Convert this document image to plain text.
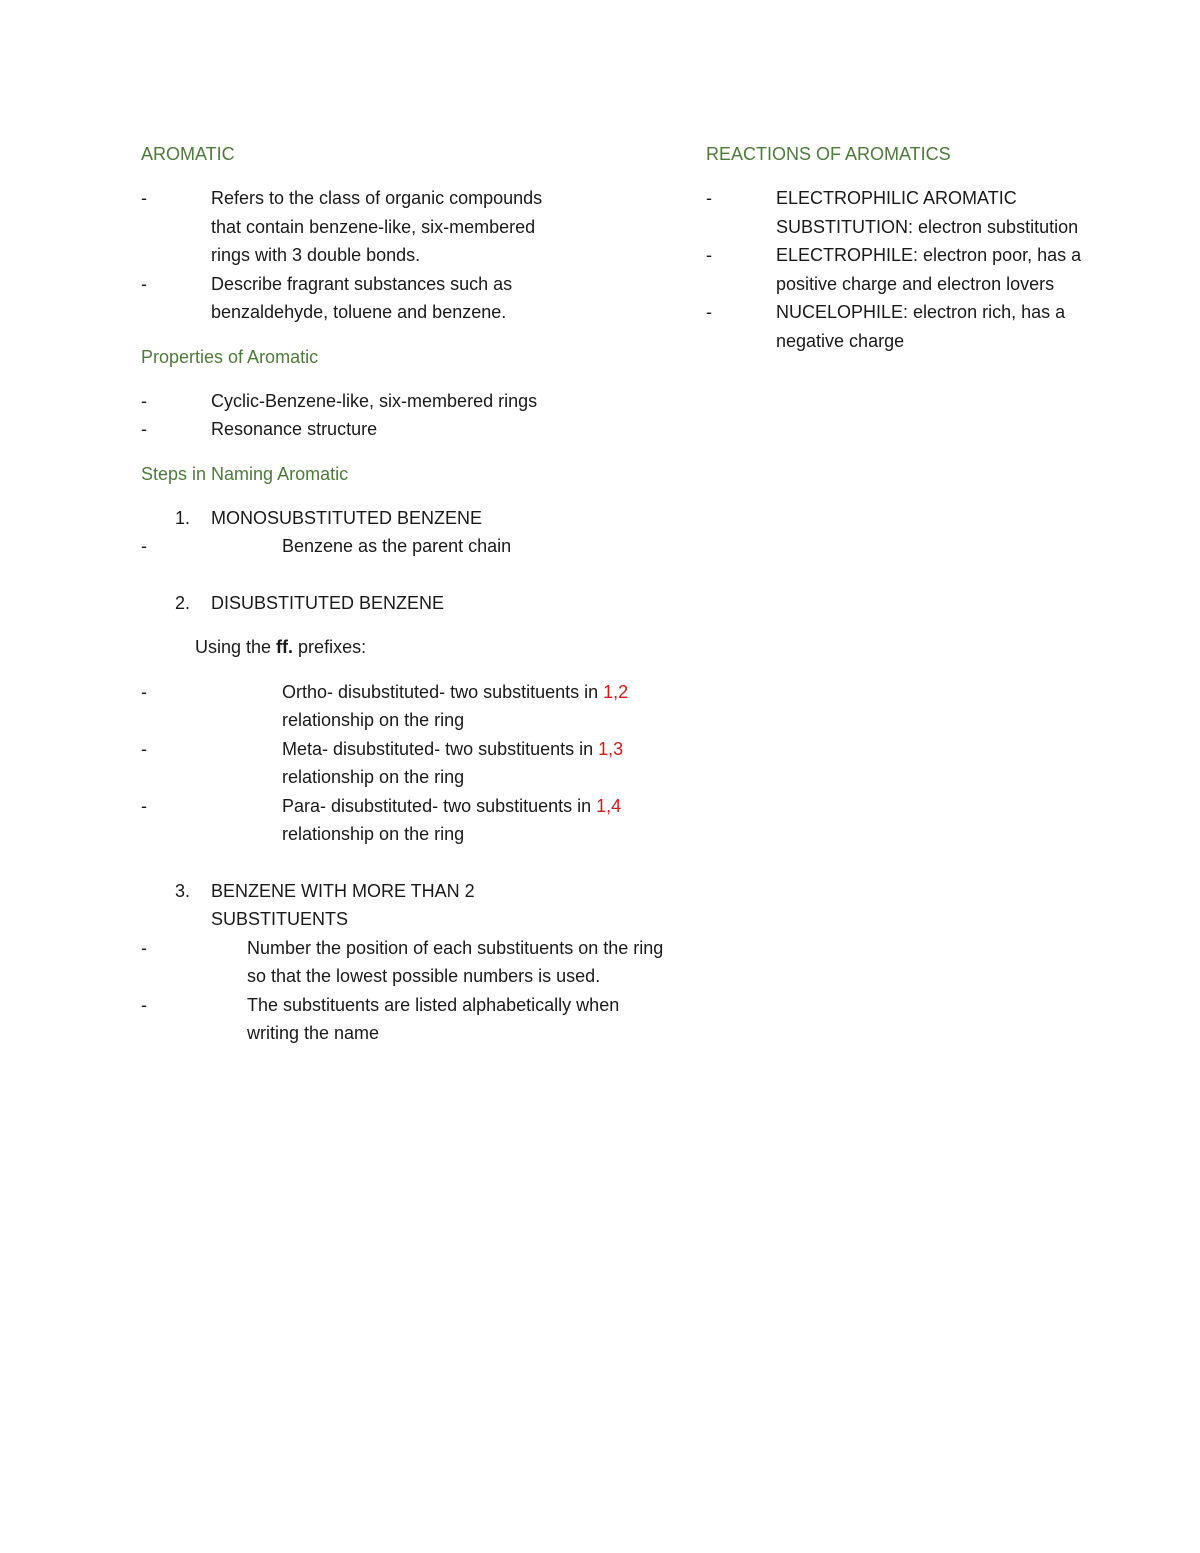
AROMATIC
-	Refers to the class of organic compounds that contain benzene-like, six-membered rings with 3 double bonds.
-	Describe fragrant substances such as benzaldehyde, toluene and benzene.
Properties of Aromatic
-	Cyclic-Benzene-like, six-membered rings
-	Resonance structure
Steps in Naming Aromatic
1. MONOSUBSTITUTED BENZENE
-	Benzene as the parent chain
2. DISUBSTITUTED BENZENE
Using the ff. prefixes:
-	Ortho- disubstituted- two substituents in 1,2 relationship on the ring
-	Meta- disubstituted- two substituents in 1,3 relationship on the ring
-	Para- disubstituted- two substituents in 1,4 relationship on the ring
3. BENZENE WITH MORE THAN 2 SUBSTITUENTS
-	Number the position of each substituents on the ring so that the lowest possible numbers is used.
-	The substituents are listed alphabetically when writing the name
REACTIONS OF AROMATICS
-	ELECTROPHILIC AROMATIC SUBSTITUTION: electron substitution
-	ELECTROPHILE: electron poor, has a positive charge and electron lovers
-	NUCELOPHILE: electron rich, has a negative charge
